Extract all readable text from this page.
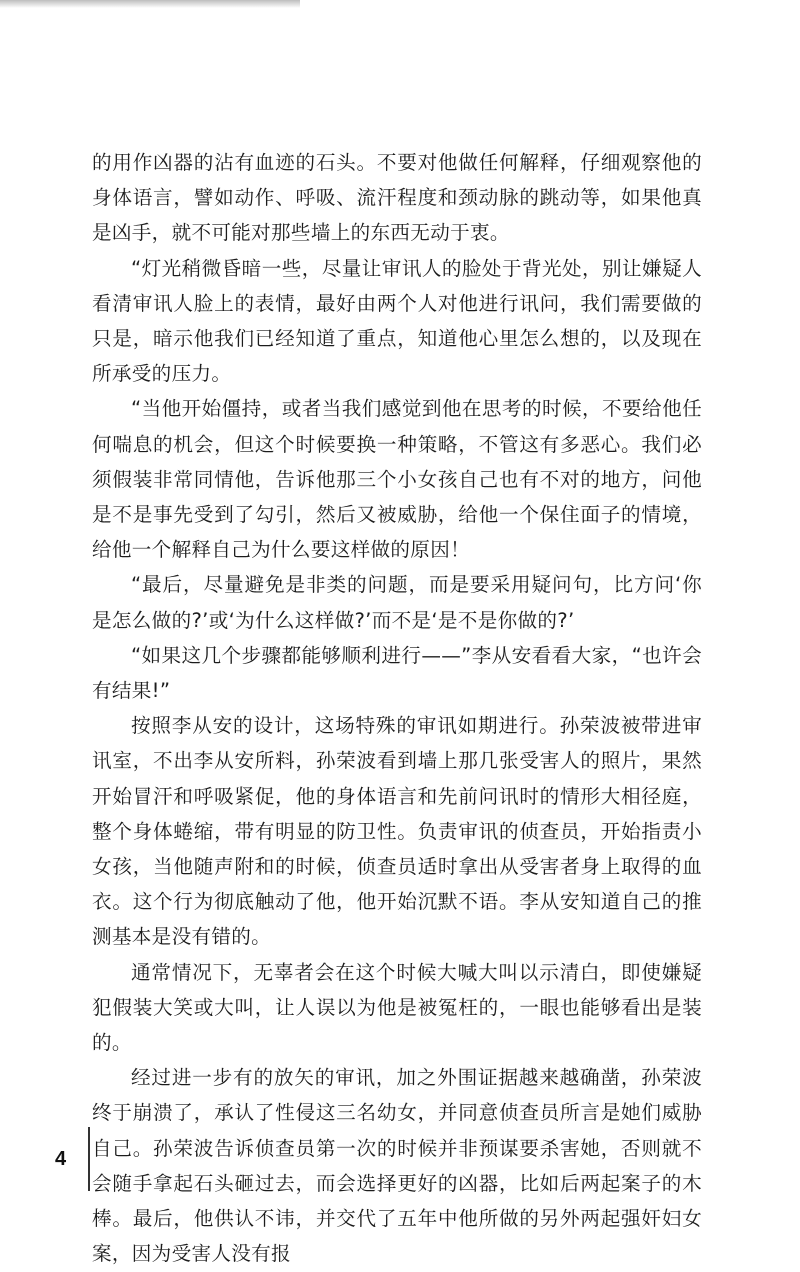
的用作凶器的沾有血迹的石头。不要对他做任何解释，仔细观察他的身体语言，譬如动作、呼吸、流汗程度和颈动脉的跳动等，如果他真是凶手，就不可能对那些墙上的东西无动于衷。

“灯光稍微昏暗一些，尽量让审讯人的脸处于背光处，别让嫌疑人看清审讯人脸上的表情，最好由两个人对他进行讯问，我们需要做的只是，暗示他我们已经知道了重点，知道他心里怎么想的，以及现在所承受的压力。

“当他开始僵持，或者当我们感觉到他在思考的时候，不要给他任何喘息的机会，但这个时候要换一种策略，不管这有多恶心。我们必须假装非常同情他，告诉他那三个小女孩自己也有不对的地方，问他是不是事先受到了勾引，然后又被威胁，给他一个保住面子的情境，给他一个解释自己为什么要这样做的原因！

“最后，尽量避免是非类的问题，而是要采用疑问句，比方问‘你是怎么做的?’或‘为什么这样做?’而不是‘是不是你做的?’

“如果这几个步骤都能够顺利进行——”李从安看看大家，“也许会有结果!”

按照李从安的设计，这场特殊的审讯如期进行。孙荣波被带进审讯室，不出李从安所料，孙荣波看到墙上那几张受害人的照片，果然开始冒汗和呼吸紧促，他的身体语言和先前问讯时的情形大相径庭，整个身体蜷缩，带有明显的防卫性。负责审讯的侦查员，开始指责小女孩，当他随声附和的时候，侦查员适时拿出从受害者身上取得的血衣。这个行为彻底触动了他，他开始沉默不语。李从安知道自己的推测基本是没有错的。

通常情况下，无辜者会在这个时候大喊大叫以示清白，即使嫌疑犯假装大笑或大叫，让人误以为他是被冤枉的，一眼也能够看出是装的。

经过进一步有的放矢的审讯，加之外围证据越来越确凿，孙荣波终于崩溃了，承认了性侵这三名幼女，并同意侦查员所言是她们威胁自己。孙荣波告诉侦查员第一次的时候并非预谋要杀害她，否则就不会随手拿起石头砸过去，而会选择更好的凶器，比如后两起案子的木棒。最后，他供认不讳，并交代了五年中他所做的另外两起强奸妇女案，因为受害人没有报

4
